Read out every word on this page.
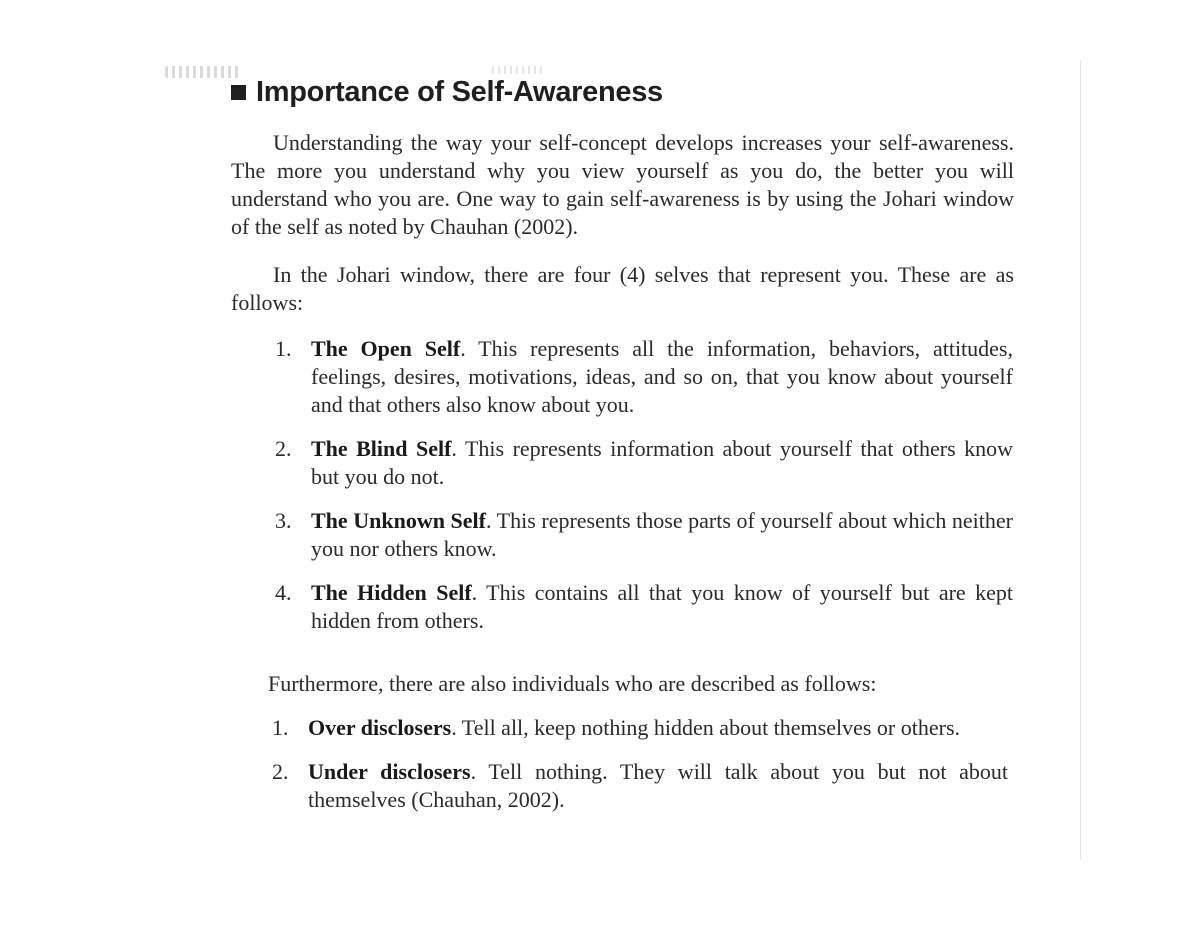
Importance of Self-Awareness

Understanding the way your self-concept develops increases your self-awareness. The more you understand why you view yourself as you do, the better you will understand who you are. One way to gain self-awareness is by using the Johari window of the self as noted by Chauhan (2002).

In the Johari window, there are four (4) selves that represent you. These are as follows:

1. The Open Self. This represents all the information, behaviors, attitudes, feelings, desires, motivations, ideas, and so on, that you know about yourself and that others also know about you.
2. The Blind Self. This represents information about yourself that others know but you do not.
3. The Unknown Self. This represents those parts of yourself about which neither you nor others know.
4. The Hidden Self. This contains all that you know of yourself but are kept hidden from others.

Furthermore, there are also individuals who are described as follows:

1. Over disclosers. Tell all, keep nothing hidden about themselves or others.
2. Under disclosers. Tell nothing. They will talk about you but not about themselves (Chauhan, 2002).
